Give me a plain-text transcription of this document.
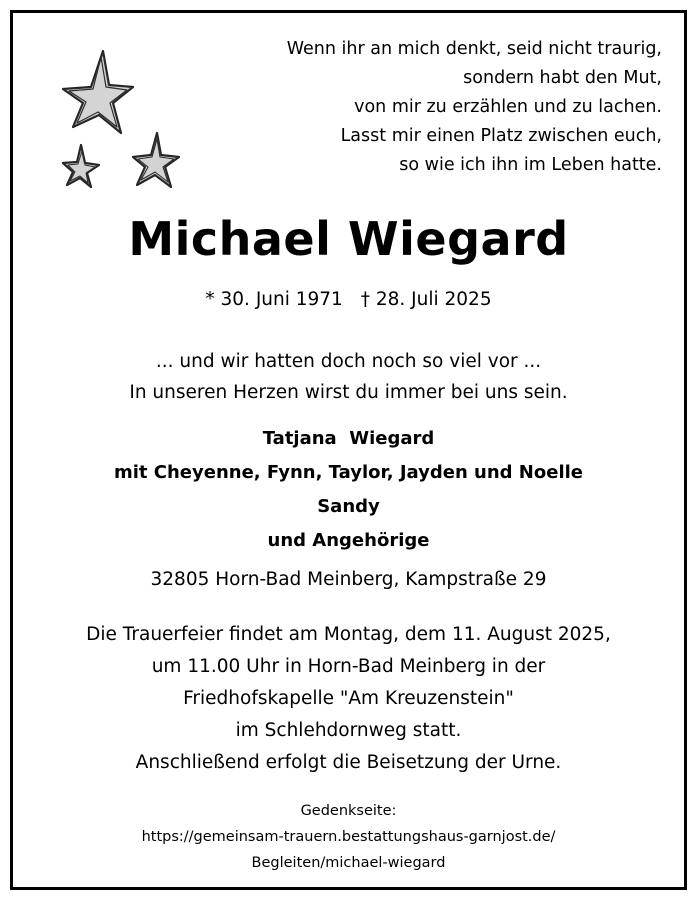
Wenn ihr an mich denkt, seid nicht traurig,
sondern habt den Mut,
von mir zu erzählen und zu lachen.
Lasst mir einen Platz zwischen euch,
so wie ich ihn im Leben hatte.
Michael Wiegard
* 30. Juni 1971 † 28. Juli 2025
... und wir hatten doch noch so viel vor ...
In unseren Herzen wirst du immer bei uns sein.
Tatjana  Wiegard
mit Cheyenne, Fynn, Taylor, Jayden und Noelle
Sandy
und Angehörige
32805 Horn-Bad Meinberg, Kampstraße 29
Die Trauerfeier findet am Montag, dem 11. August 2025,
um 11.00 Uhr in Horn-Bad Meinberg in der
Friedhofskapelle "Am Kreuzenstein"
im Schlehdornweg statt.
Anschließend erfolgt die Beisetzung der Urne.
Gedenkseite:
https://gemeinsam-trauern.bestattungshaus-garnjost.de/
Begleiten/michael-wiegard
